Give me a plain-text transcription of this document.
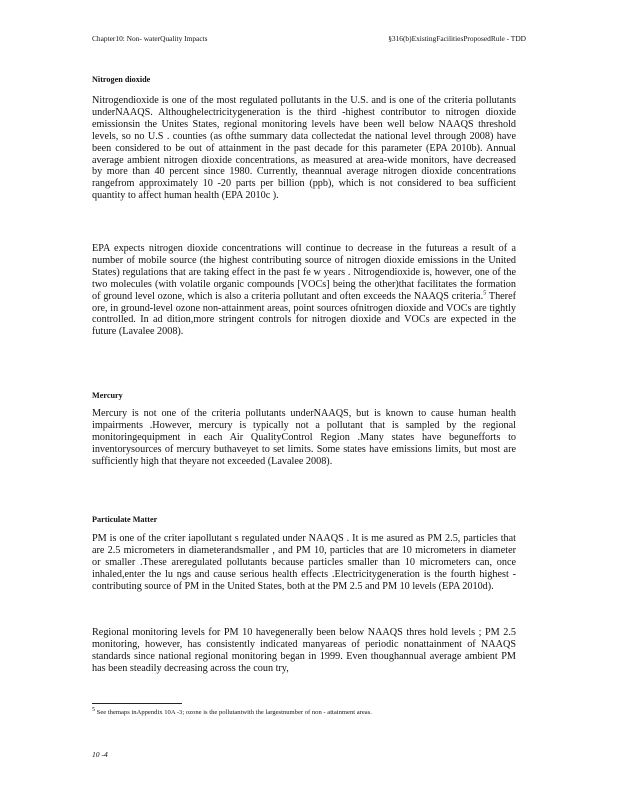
Chapter10: Non- waterQuality Impacts	§316(b)ExistingFacilitiesProposedRule - TDD
Nitrogen dioxide
Nitrogendioxide is one of the most regulated pollutants in the U.S. and is one of the criteria pollutants underNAAQS. Althoughelectricitygeneration is the third -highest contributor to nitrogen dioxide emissionsin the Unites States, regional monitoring levels have been well below NAAQS threshold levels, so no U.S . counties (as ofthe summary data collectedat the national level through 2008) have been considered to be out of attainment in the past decade for this parameter (EPA 2010b). Annual average ambient nitrogen dioxide concentrations, as measured at area-wide monitors, have decreased by more than 40 percent since 1980. Currently, theannual average nitrogen dioxide concentrations rangefrom approximately 10 -20 parts per billion (ppb), which is not considered to bea sufficient quantity to affect human health (EPA 2010c ).
EPA expects nitrogen dioxide concentrations will continue to decrease in the futureas a result of a number of mobile source (the highest contributing source of nitrogen dioxide emissions in the United States) regulations that are taking effect in the past fe w years . Nitrogendioxide is, however, one of the two molecules (with volatile organic compounds [VOCs] being the other)that facilitates the formation of ground level ozone, which is also a criteria pollutant and often exceeds the NAAQS criteria.$^5$ Theref ore, in ground-level ozone non-attainment areas, point sources ofnitrogen dioxide and VOCs are tightly controlled. In ad dition,more stringent controls for nitrogen dioxide and VOCs are expected in the future (Lavalee 2008).
Mercury
Mercury is not one of the criteria pollutants underNAAQS, but is known to cause human health impairments .However, mercury is typically not a pollutant that is sampled by the regional monitoringequipment in each Air QualityControl Region .Many states have begunefforts to inventorysources of mercury buthaveyet to set limits. Some states have emissions limits, but most are sufficiently high that theyare not exceeded (Lavalee 2008).
Particulate Matter
PM is one of the criter iapollutant s regulated under NAAQS . It is me asured as PM 2.5, particles that are 2.5 micrometers in diameterandsmaller , and PM 10, particles that are 10 micrometers in diameter or smaller .These areregulated pollutants because particles smaller than 10 micrometers can, once inhaled,enter the lu ngs and cause serious health effects .Electricitygeneration is the fourth highest -contributing source of PM in the United States, both at the PM 2.5 and PM 10 levels (EPA 2010d).
Regional monitoring levels for PM 10 havegenerally been below NAAQS thres hold levels ; PM 2.5 monitoring, however, has consistently indicated manyareas of periodic nonattainment of NAAQS standards since national regional monitoring began in 1999. Even thoughannual average ambient PM has been steadily decreasing across the coun try,
5 See themaps inAppendix 10A -3; ozone is the pollutantwith the largestnumber of non - attainment areas.
10 -4
